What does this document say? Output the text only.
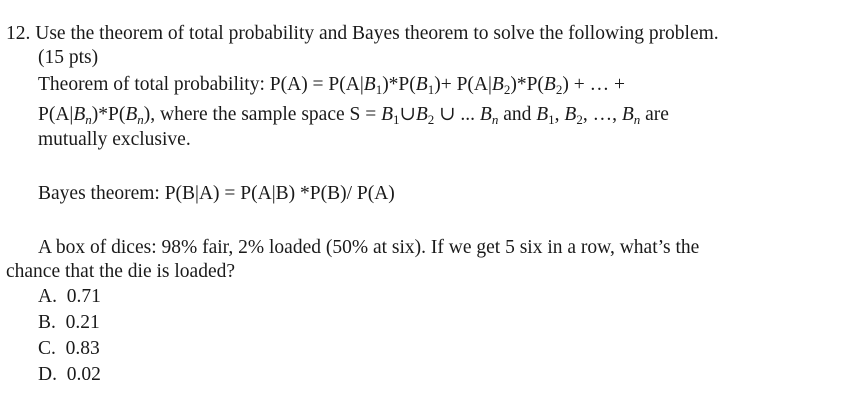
12. Use the theorem of total probability and Bayes theorem to solve the following problem.
(15 pts)
Theorem of total probability: $P(A) = P(A|B_1)*P(B_1)+ P(A|B_2)*P(B_2)$ + … +
$P(A|B_n)*P(B_n)$, where the sample space $S = B_1\cup B_2$ ∪ ... $B_n$ and $B_1$, $B_2$, …, $B_n$ are
mutually exclusive.
Bayes theorem: P(B|A) = P(A|B) *P(B)/ P(A)
A box of dices: 98% fair, 2% loaded (50% at six). If we get 5 six in a row, what’s the
chance that the die is loaded?
A. 0.71
B. 0.21
C. 0.83
D. 0.02
